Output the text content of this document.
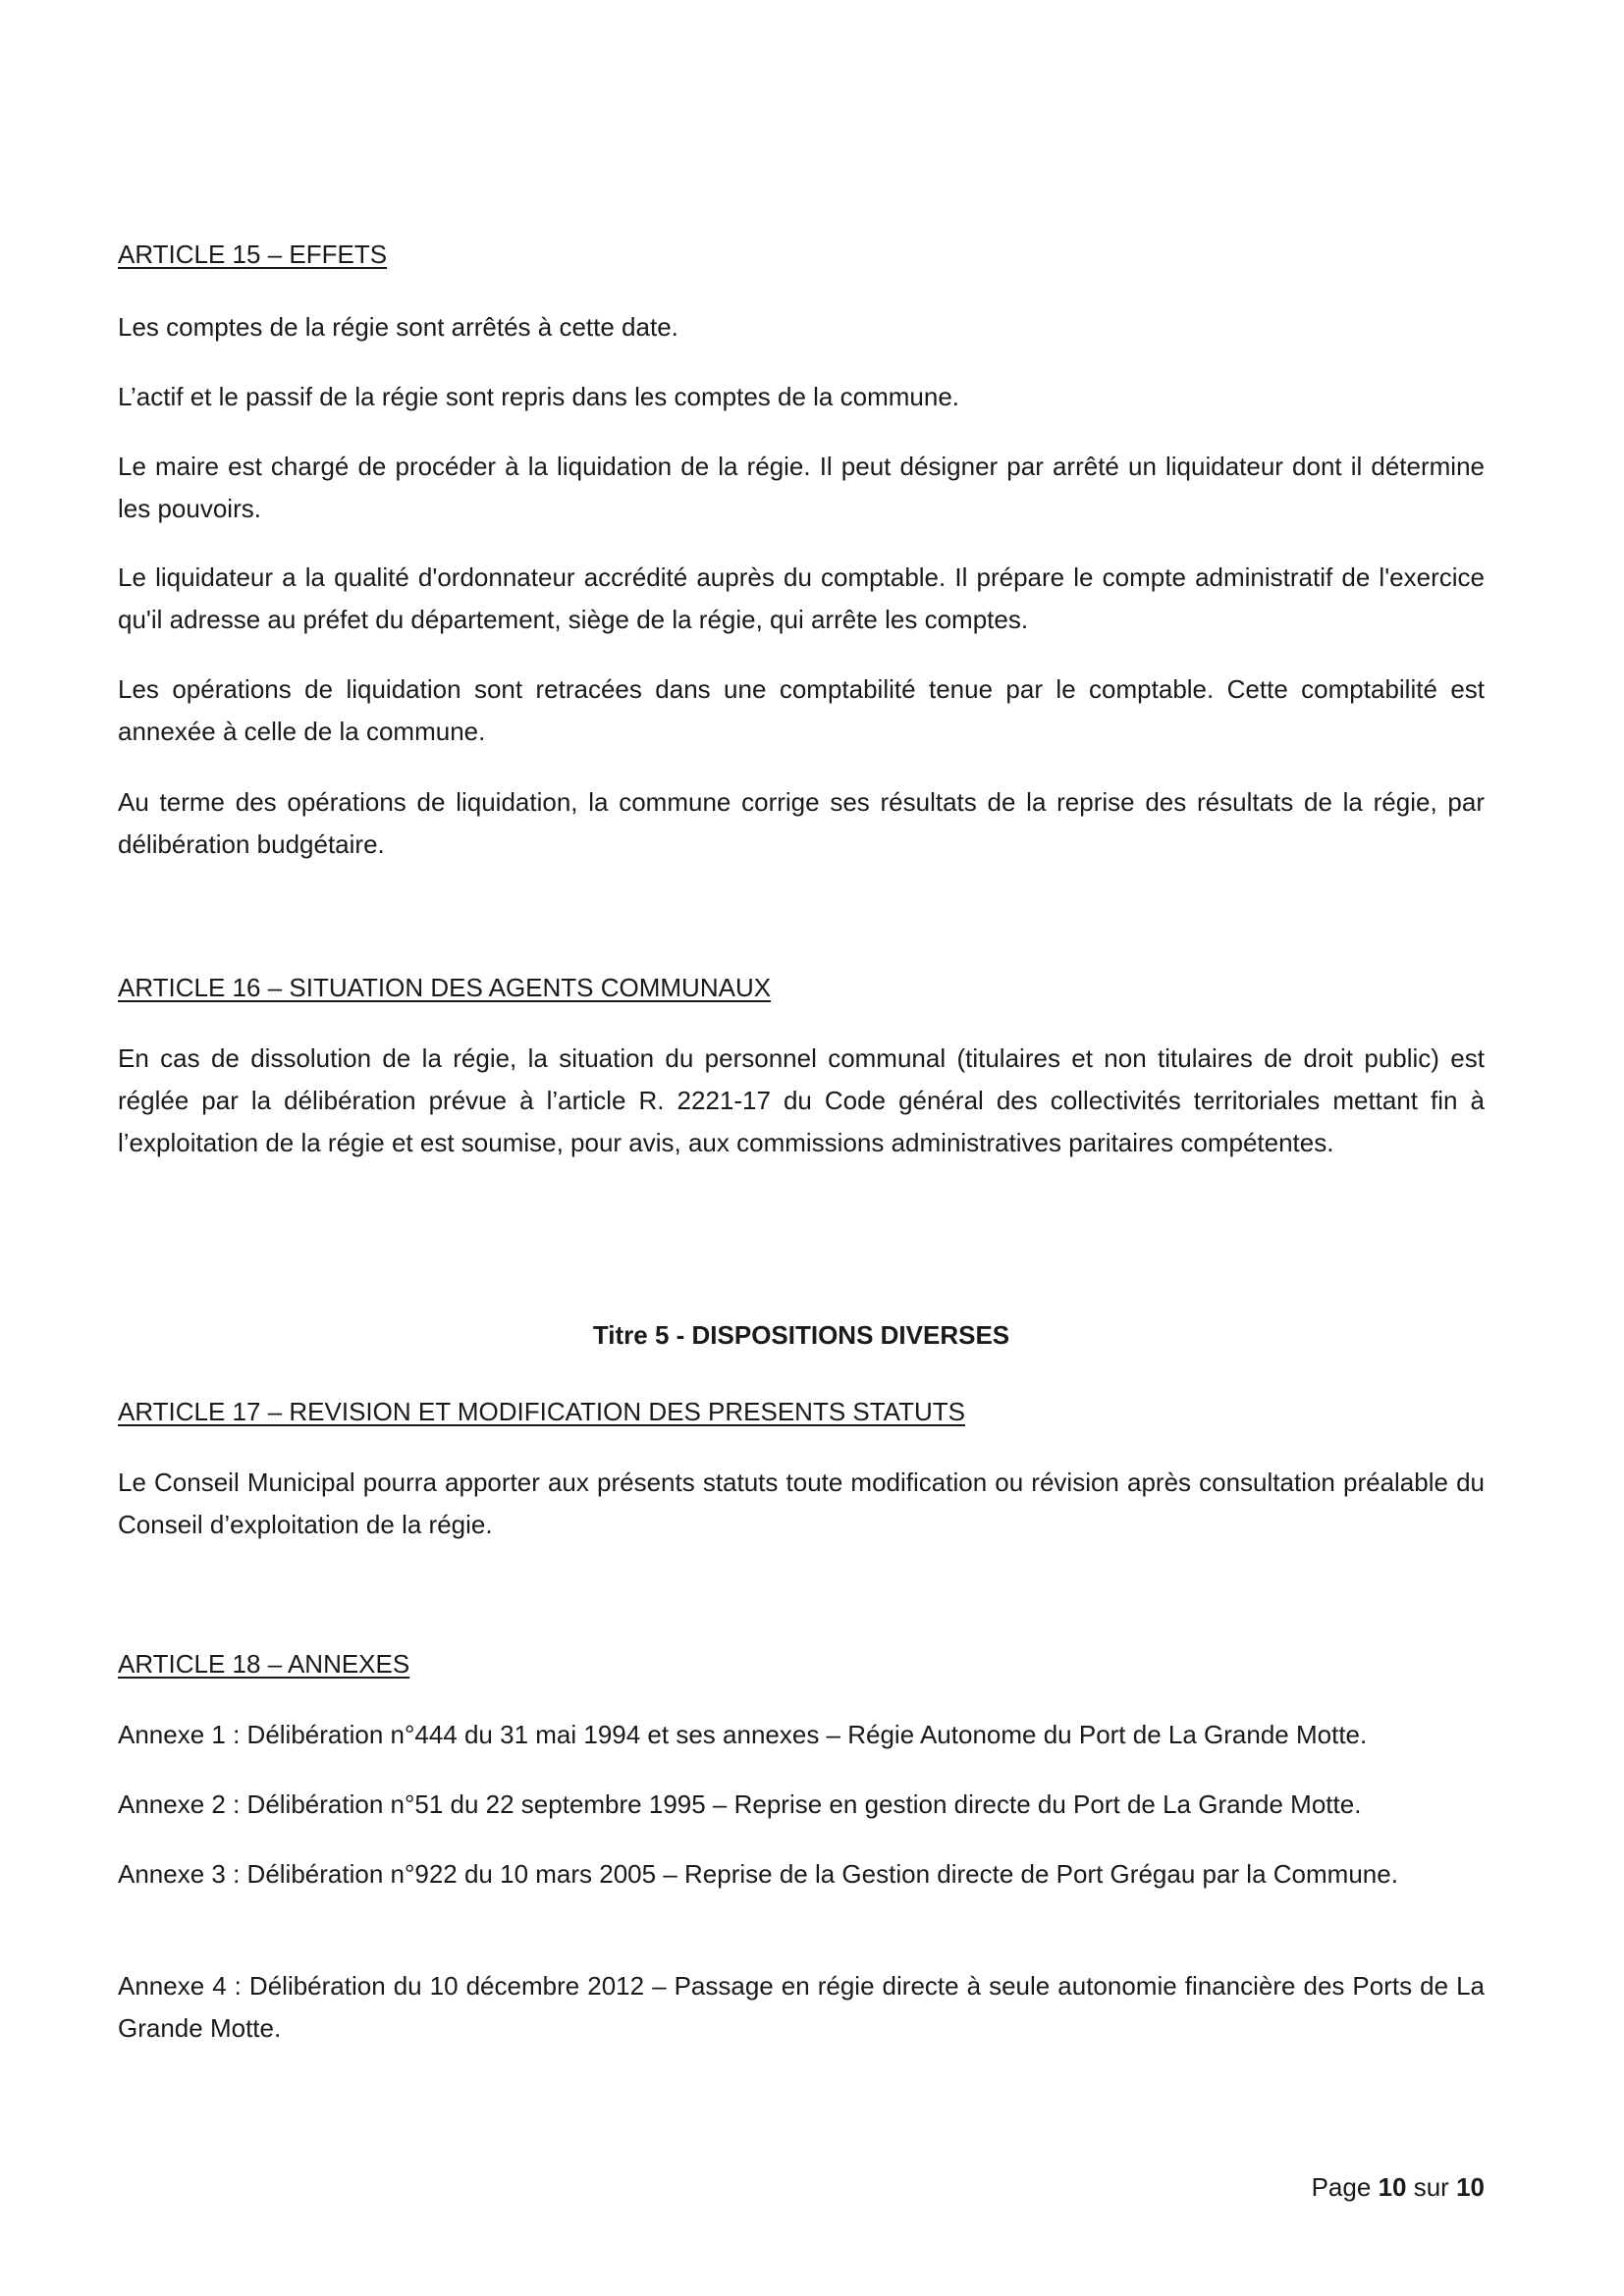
ARTICLE 15 – EFFETS
Les comptes de la régie sont arrêtés à cette date.
L’actif et le passif de la régie sont repris dans les comptes de la commune.
Le maire est chargé de procéder à la liquidation de la régie. Il peut désigner par arrêté un liquidateur dont il détermine les pouvoirs.
Le liquidateur a la qualité d'ordonnateur accrédité auprès du comptable. Il prépare le compte administratif de l'exercice qu'il adresse au préfet du département, siège de la régie, qui arrête les comptes.
Les opérations de liquidation sont retracées dans une comptabilité tenue par le comptable. Cette comptabilité est annexée à celle de la commune.
Au terme des opérations de liquidation, la commune corrige ses résultats de la reprise des résultats de la régie, par délibération budgétaire.
ARTICLE 16 – SITUATION DES AGENTS COMMUNAUX
En cas de dissolution de la régie, la situation du personnel communal (titulaires et non titulaires de droit public) est réglée par la délibération prévue à l’article R. 2221-17 du Code général des collectivités territoriales mettant fin à l’exploitation de la régie et est soumise, pour avis, aux commissions administratives paritaires compétentes.
Titre 5 - DISPOSITIONS DIVERSES
ARTICLE 17 – REVISION ET MODIFICATION DES PRESENTS STATUTS
Le Conseil Municipal pourra apporter aux présents statuts toute modification ou révision après consultation préalable du Conseil d’exploitation de la régie.
ARTICLE 18 – ANNEXES
Annexe 1 : Délibération n°444 du 31 mai 1994 et ses annexes – Régie Autonome du Port de La Grande Motte.
Annexe 2 : Délibération n°51 du 22 septembre 1995 – Reprise en gestion directe du Port de La Grande Motte.
Annexe 3 : Délibération n°922 du 10 mars 2005 – Reprise de la Gestion directe de Port Grégau par la Commune.
Annexe 4 : Délibération du 10 décembre 2012 – Passage en régie directe à seule autonomie financière des Ports de La Grande Motte.
Page 10 sur 10
